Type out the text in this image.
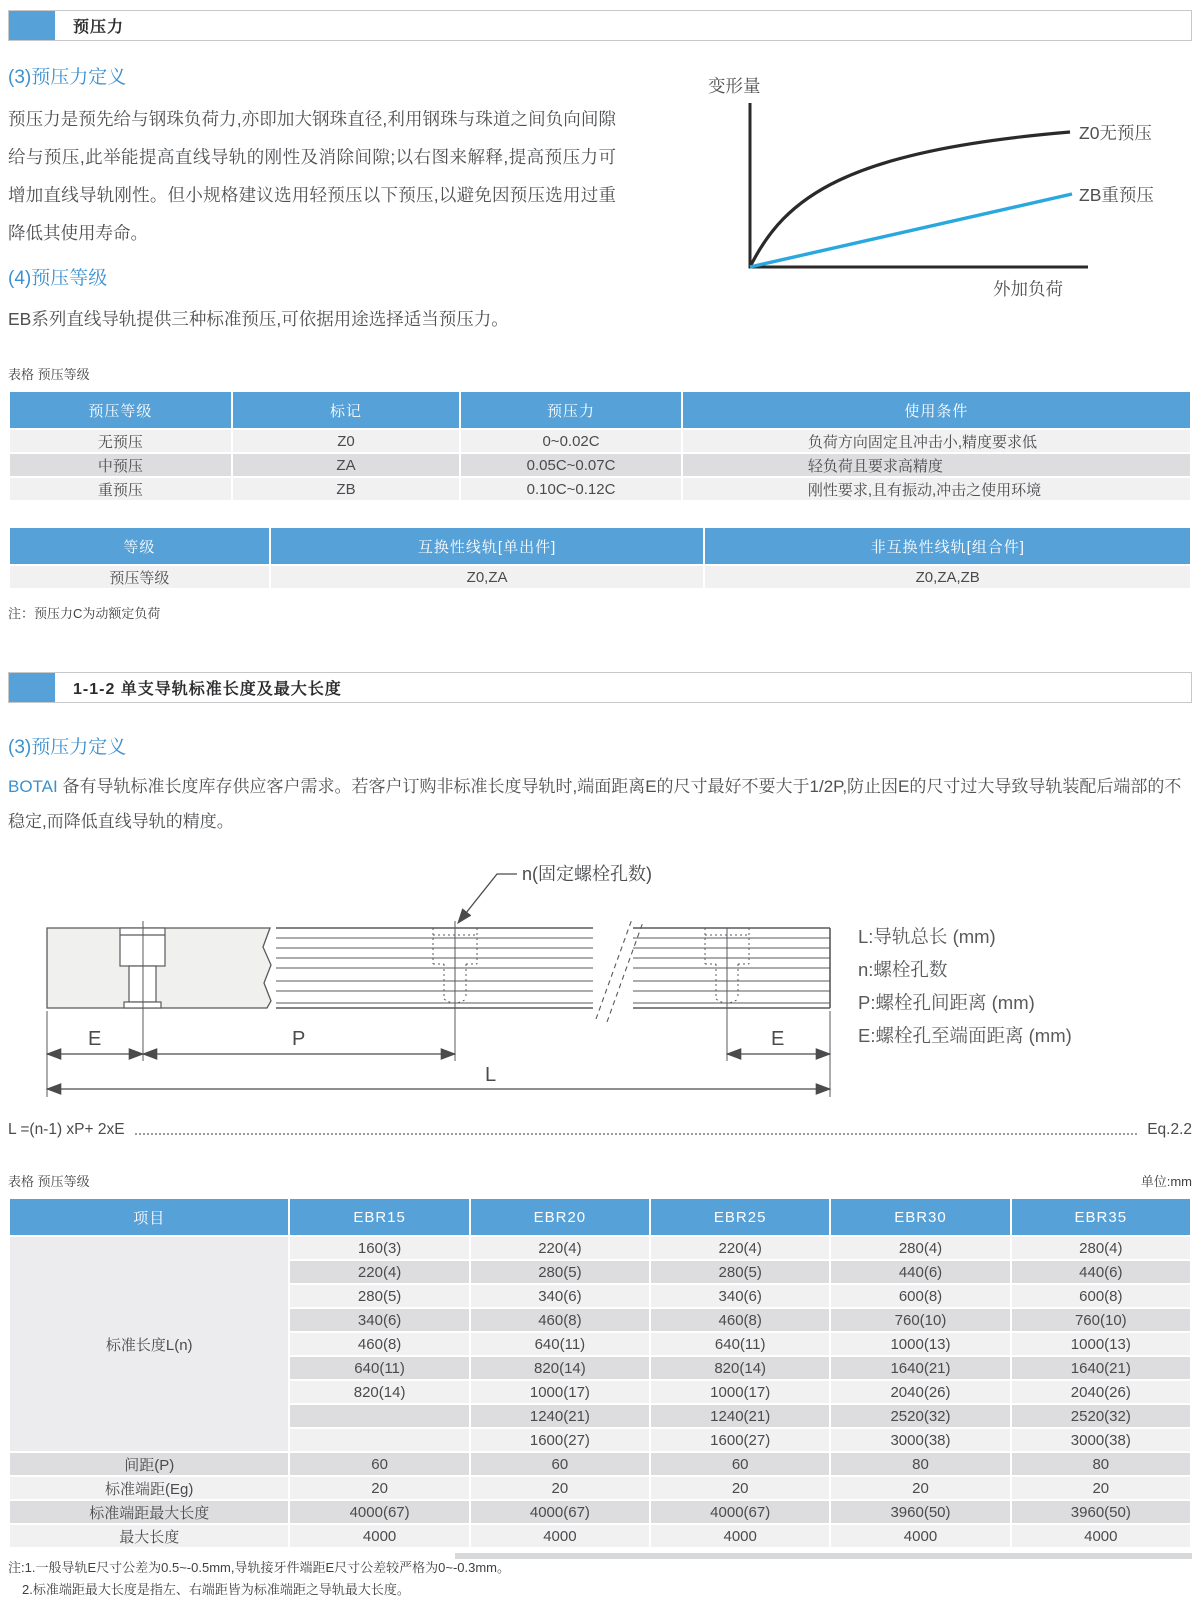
预压力
(3)预压力定义
预压力是预先给与钢珠负荷力,亦即加大钢珠直径,利用钢珠与珠道之间负向间隙给与预压,此举能提高直线导轨的刚性及消除间隙;以右图来解释,提高预压力可增加直线导轨刚性。但小规格建议选用轻预压以下预压,以避免因预压选用过重降低其使用寿命。
(4)预压等级
EB系列直线导轨提供三种标准预压,可依据用途选择适当预压力。
变形量
Z0无预压
ZB重预压
外加负荷
表格 预压等级
预压等级	标记	预压力	使用条件
无预压	Z0	0~0.02C	负荷方向固定且冲击小,精度要求低
中预压	ZA	0.05C~0.07C	轻负荷且要求高精度
重预压	ZB	0.10C~0.12C	刚性要求,且有振动,冲击之使用环境
等级	互换性线轨[单出件]	非互换性线轨[组合件]
预压等级	Z0,ZA	Z0,ZA,ZB
注：预压力C为动额定负荷
1-1-2 单支导轨标准长度及最大长度
(3)预压力定义
BOTAI 备有导轨标准长度库存供应客户需求。若客户订购非标准长度导轨时,端面距离E的尺寸最好不要大于1/2P,防止因E的尺寸过大导致导轨装配后端部的不稳定,而降低直线导轨的精度。
E	P	E
L
n(固定螺栓孔数)
L:导轨总长 (mm)
n:螺栓孔数
P:螺栓孔间距离 (mm)
E:螺栓孔至端面距离 (mm)
L =(n-1) xP+ 2xE	Eq.2.2
表格 预压等级	单位:mm
项目	EBR15	EBR20	EBR25	EBR30	EBR35
标准长度L(n)	160(3)	220(4)	220(4)	280(4)	280(4)
	220(4)	280(5)	280(5)	440(6)	440(6)
	280(5)	340(6)	340(6)	600(8)	600(8)
	340(6)	460(8)	460(8)	760(10)	760(10)
	460(8)	640(11)	640(11)	1000(13)	1000(13)
	640(11)	820(14)	820(14)	1640(21)	1640(21)
	820(14)	1000(17)	1000(17)	2040(26)	2040(26)
		1240(21)	1240(21)	2520(32)	2520(32)
		1600(27)	1600(27)	3000(38)	3000(38)
间距(P)	60	60	60	80	80
标准端距(Eg)	20	20	20	20	20
标准端距最大长度	4000(67)	4000(67)	4000(67)	3960(50)	3960(50)
最大长度	4000	4000	4000	4000	4000
注:1.一般导轨E尺寸公差为0.5~-0.5mm,导轨接牙件端距E尺寸公差较严格为0~-0.3mm。
2.标准端距最大长度是指左、右端距皆为标准端距之导轨最大长度。
